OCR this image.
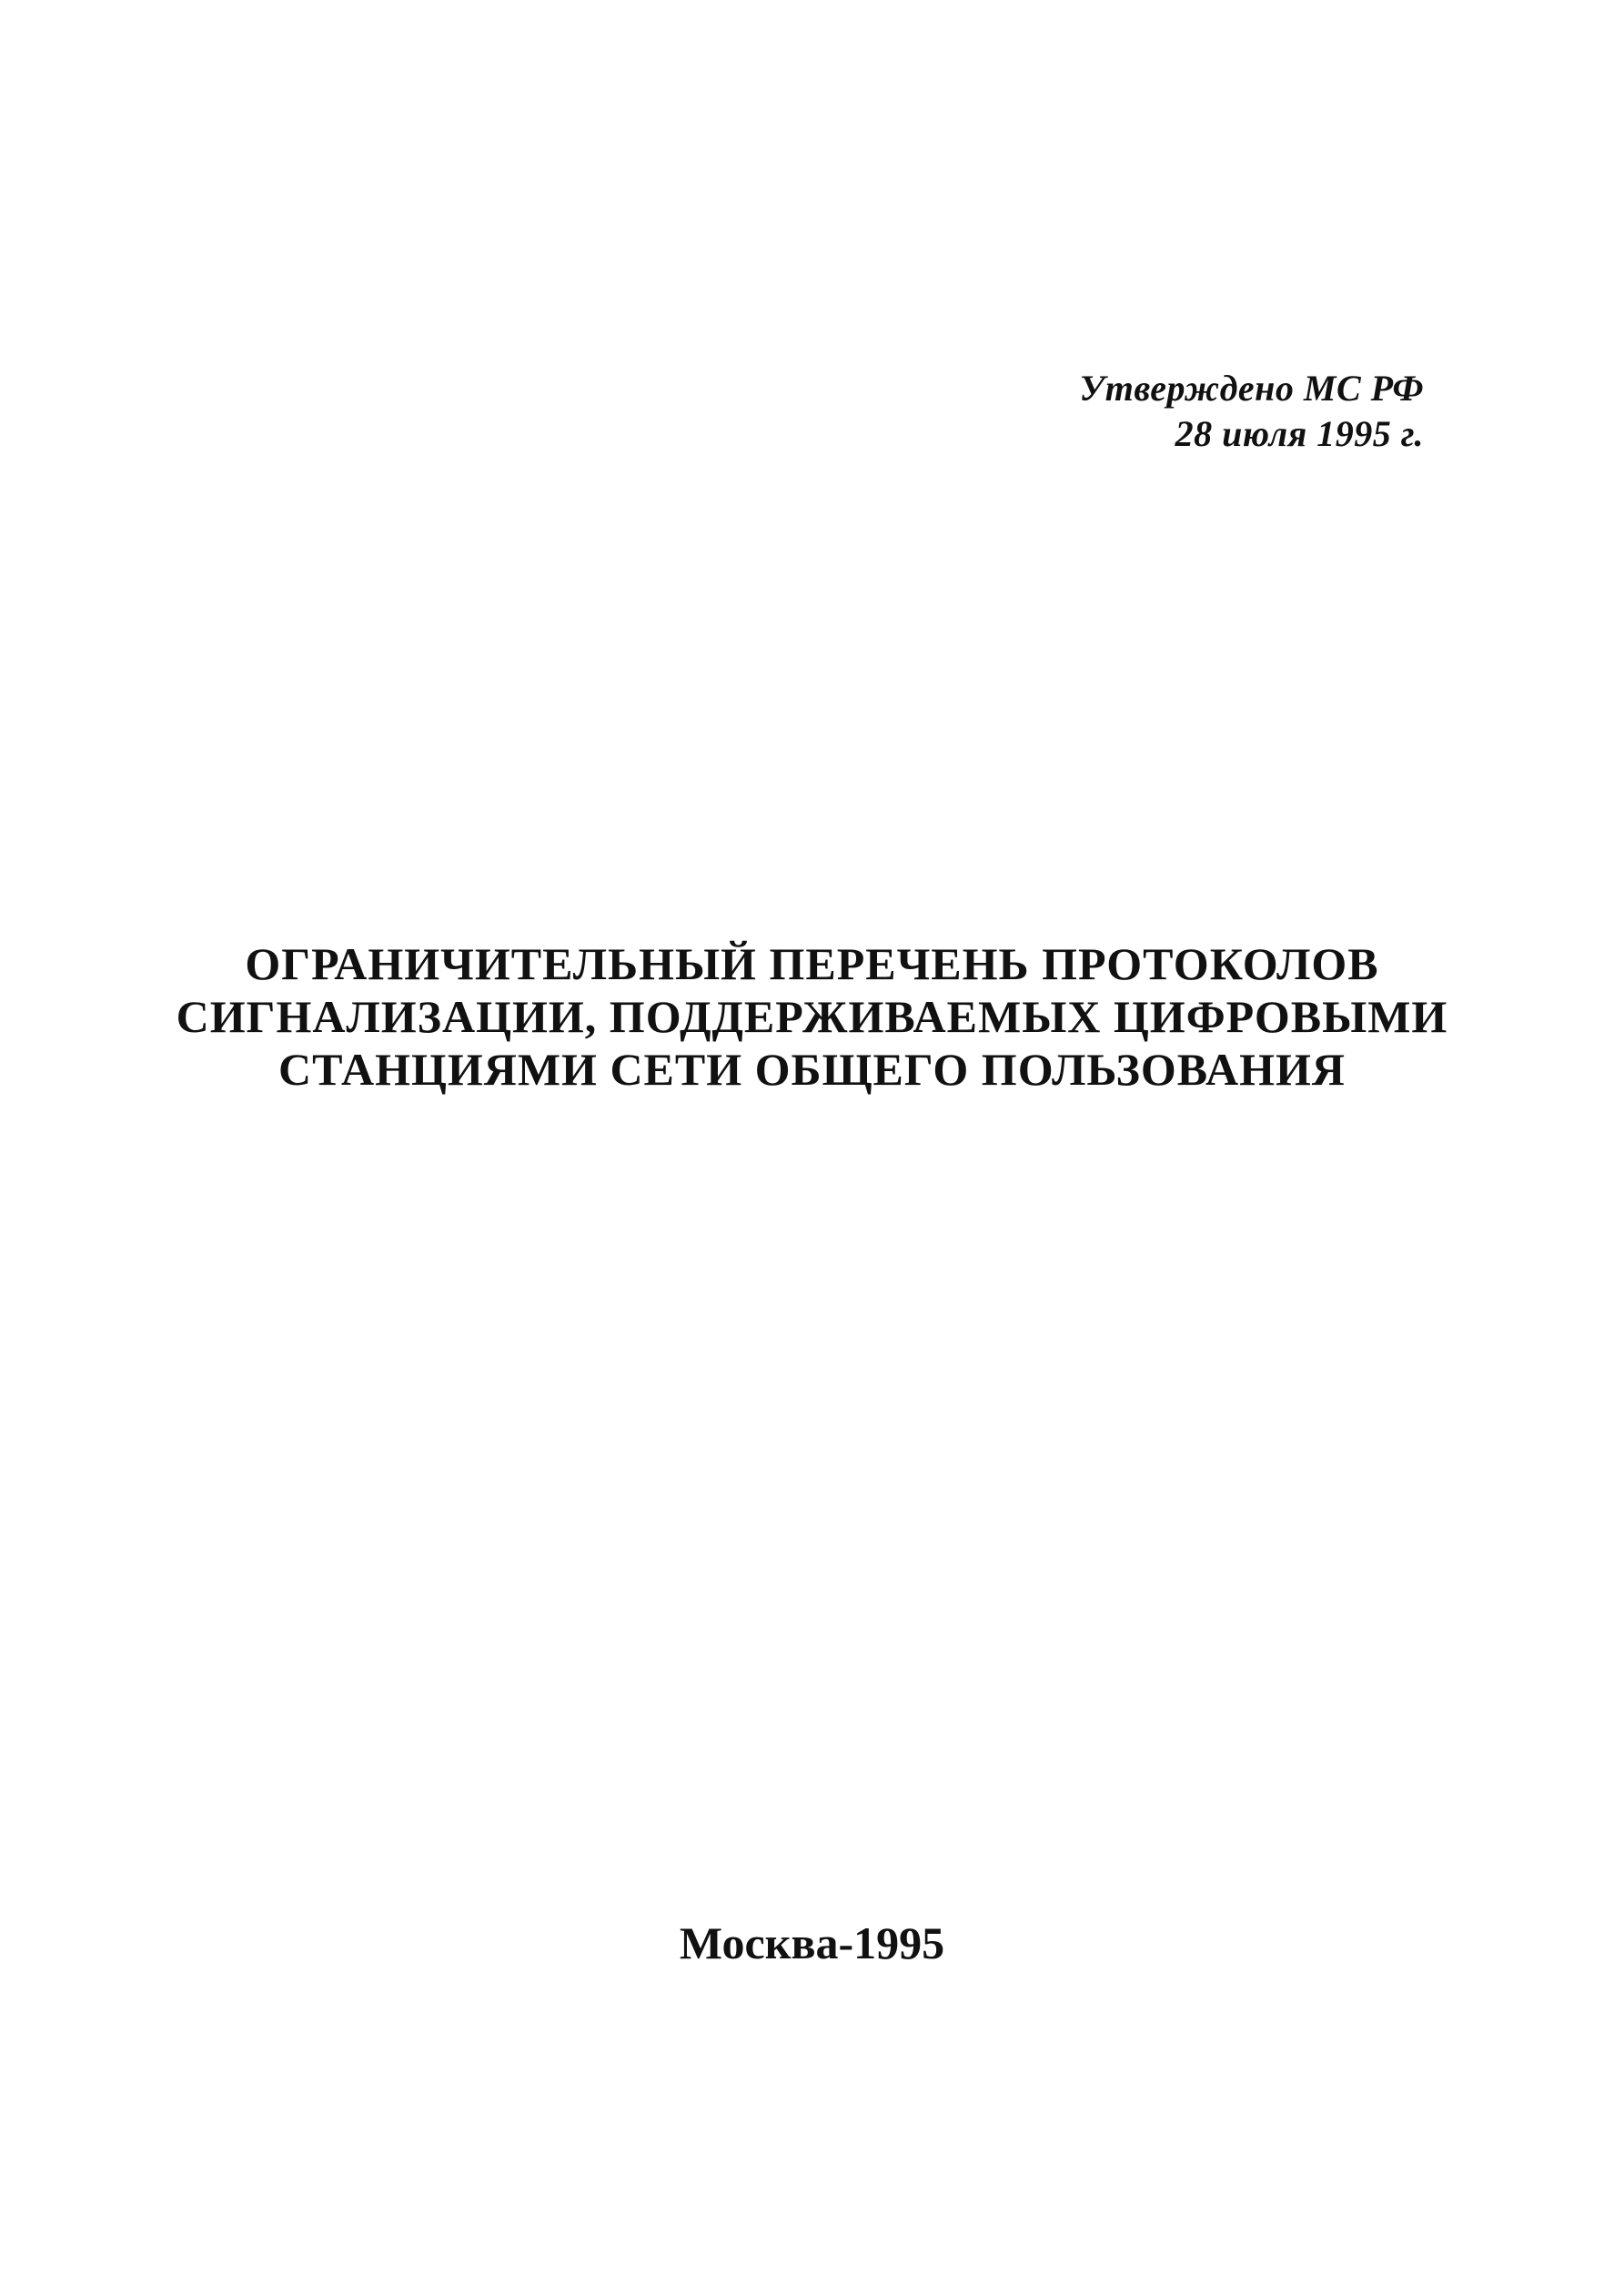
Утверждено МС РФ
28 июля 1995 г.
ОГРАНИЧИТЕЛЬНЫЙ ПЕРЕЧЕНЬ ПРОТОКОЛОВ
СИГНАЛИЗАЦИИ, ПОДДЕРЖИВАЕМЫХ ЦИФРОВЫМИ
СТАНЦИЯМИ СЕТИ ОБЩЕГО ПОЛЬЗОВАНИЯ
Москва-1995
